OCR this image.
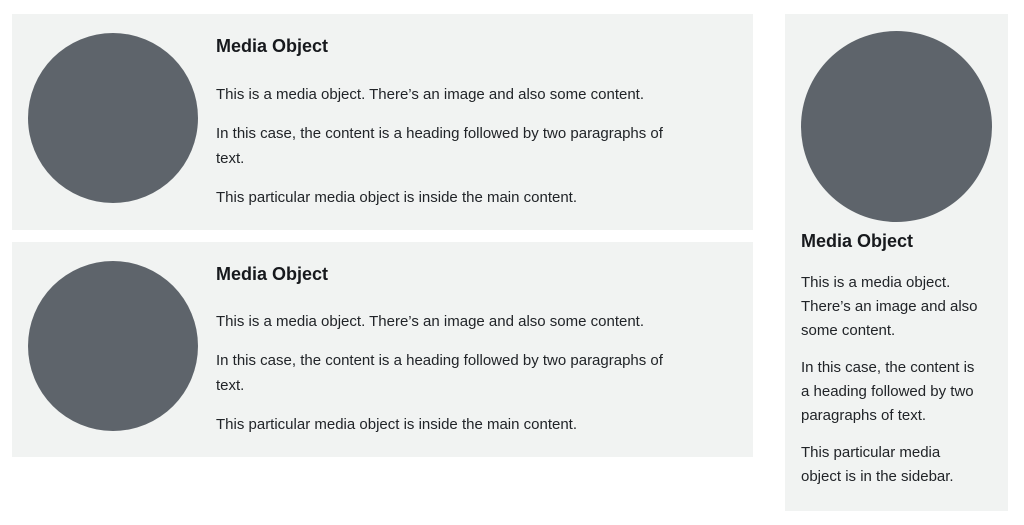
Media Object

This is a media object. There’s an image and also some content.

In this case, the content is a heading followed by two paragraphs of text.

This particular media object is inside the main content.

Media Object

This is a media object. There’s an image and also some content.

In this case, the content is a heading followed by two paragraphs of text.

This particular media object is inside the main content.

Media Object

This is a media object. There’s an image and also some content.

In this case, the content is a heading followed by two paragraphs of text.

This particular media object is in the sidebar.
